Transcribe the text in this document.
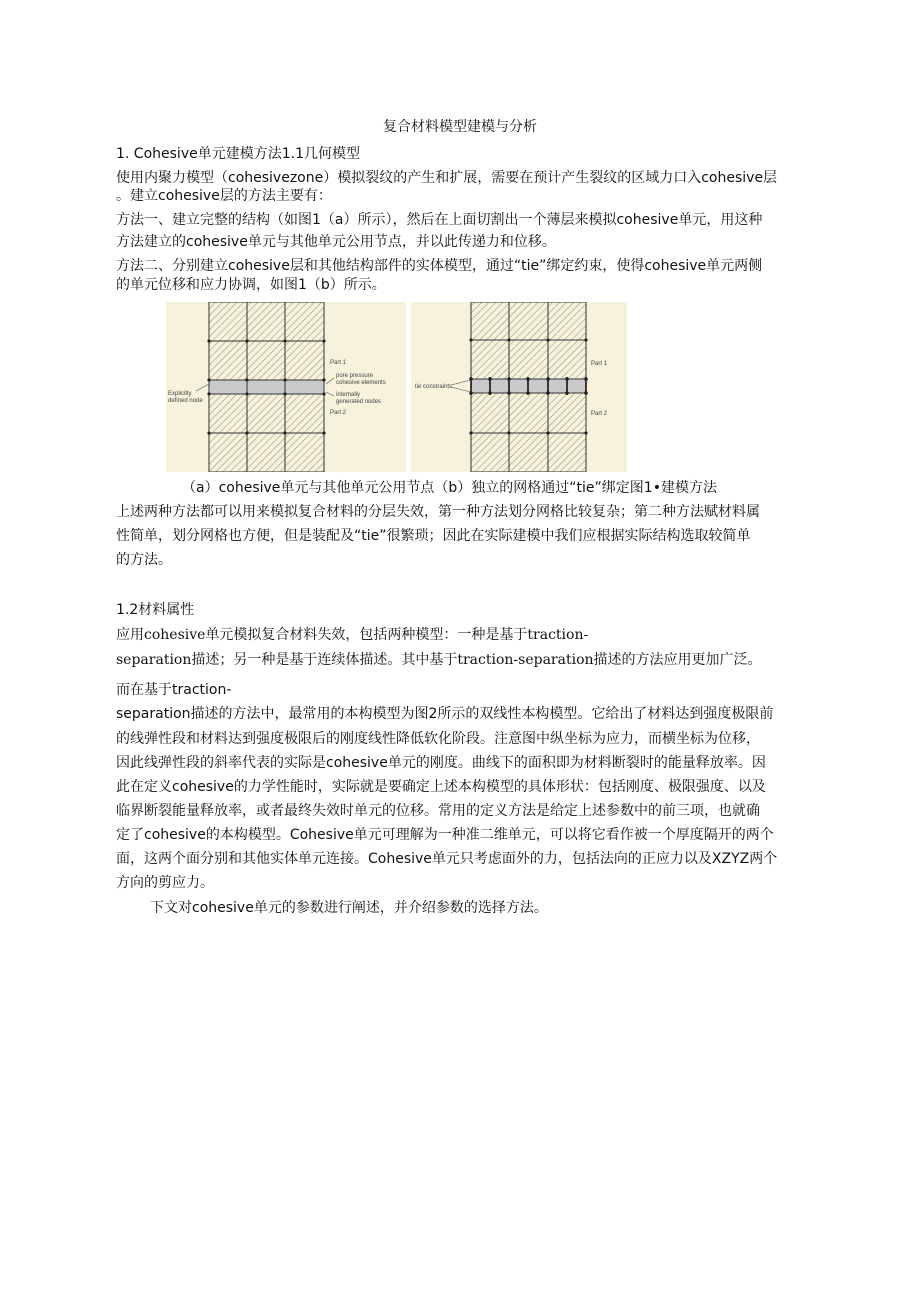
复合材料模型建模与分析
1. Cohesive单元建模方法1.1几何模型
使用内聚力模型（cohesivezone）模拟裂纹的产生和扩展，需要在预计产生裂纹的区域力口入cohesive层
。建立cohesive层的方法主要有：
方法一、建立完整的结构（如图1（a）所示），然后在上面切割出一个薄层来模拟cohesive单元，用这种
方法建立的cohesive单元与其他单元公用节点，并以此传递力和位移。
方法二、分别建立cohesive层和其他结构部件的实体模型，通过“tie”绑定约束，使得cohesive单元两侧
的单元位移和应力协调，如图1（b）所示。
Part 1
pore pressure
cohesive elements
internally
generated nodes
Explicitly
defined node
Part 2
Part 1
tie constraints
Part 2
（a）cohesive单元与其他单元公用节点（b）独立的网格通过“tie”绑定图1•建模方法
上述两种方法都可以用来模拟复合材料的分层失效，第一种方法划分网格比较复杂；第二种方法赋材料属
性简单，划分网格也方便，但是装配及“tie”很繁琐；因此在实际建模中我们应根据实际结构选取较简单
的方法。
1.2材料属性
应用cohesive单元模拟复合材料失效，包括两种模型：一种是基于traction-
separation描述；另一种是基于连续体描述。其中基于traction-separation描述的方法应用更加广泛。
而在基于traction-
separation描述的方法中，最常用的本构模型为图2所示的双线性本构模型。它给出了材料达到强度极限前
的线弹性段和材料达到强度极限后的刚度线性降低软化阶段。注意图中纵坐标为应力，而横坐标为位移，
因此线弹性段的斜率代表的实际是cohesive单元的刚度。曲线下的面积即为材料断裂时的能量释放率。因
此在定义cohesive的力学性能时，实际就是要确定上述本构模型的具体形状：包括刚度、极限强度、以及
临界断裂能量释放率，或者最终失效时单元的位移。常用的定义方法是给定上述参数中的前三项，也就确
定了cohesive的本构模型。Cohesive单元可理解为一种准二维单元，可以将它看作被一个厚度隔开的两个
面，这两个面分别和其他实体单元连接。Cohesive单元只考虑面外的力，包括法向的正应力以及XZYZ两个
方向的剪应力。
下文对cohesive单元的参数进行阐述，并介绍参数的选择方法。
